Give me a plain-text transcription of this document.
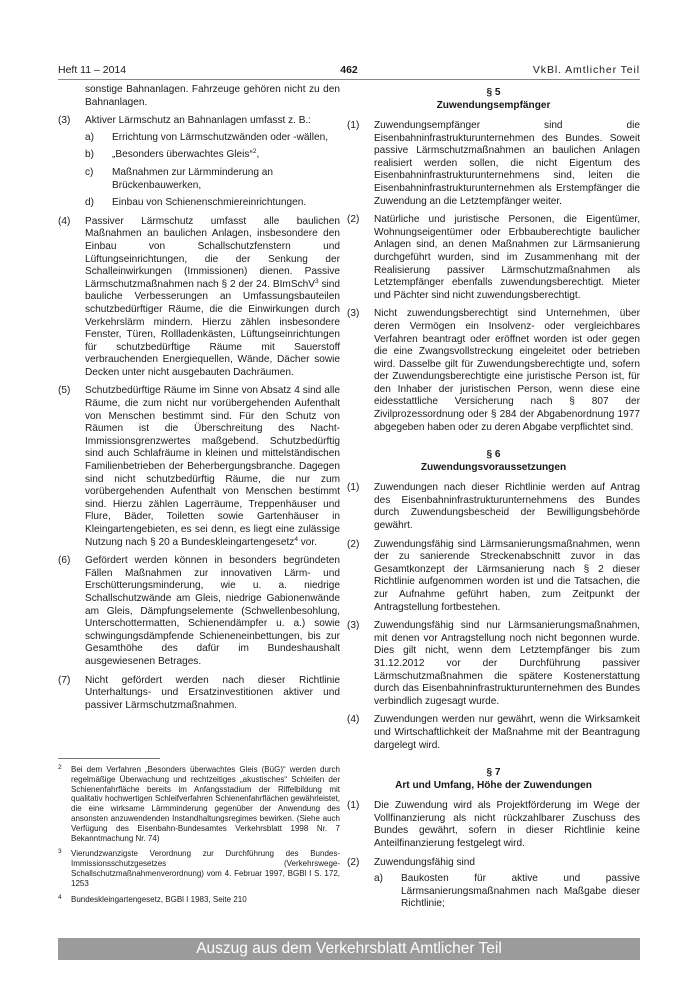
Heft 11 – 2014	462	VkBl. Amtlicher Teil

sonstige Bahnanlagen. Fahrzeuge gehören nicht zu den Bahnanlagen.

(3) Aktiver Lärmschutz an Bahnanlagen umfasst z. B.:
a) Errichtung von Lärmschutzwänden oder -wällen,
b) „Besonders überwachtes Gleis“$^2$,
c) Maßnahmen zur Lärmminderung an Brückenbauwerken,
d) Einbau von Schienenschmiereinrichtungen.
(4) Passiver Lärmschutz umfasst alle baulichen Maßnahmen an baulichen Anlagen, insbesondere den Einbau von Schallschutzfenstern und Lüftungseinrichtungen, die der Senkung der Schalleinwirkungen (Immissionen) dienen. Passive Lärmschutzmaßnahmen nach § 2 der 24. BImSchV$^3$ sind bauliche Verbesserungen an Umfassungsbauteilen schutzbedürftiger Räume, die die Einwirkungen durch Verkehrslärm mindern. Hierzu zählen insbesondere Fenster, Türen, Rollladenkästen, Lüftungseinrichtungen für schutzbedürftige Räume mit Sauerstoff verbrauchenden Energiequellen, Wände, Dächer sowie Decken unter nicht ausgebauten Dachräumen.
(5) Schutzbedürftige Räume im Sinne von Absatz 4 sind alle Räume, die zum nicht nur vorübergehenden Aufenthalt von Menschen bestimmt sind. Für den Schutz von Räumen ist die Überschreitung des Nacht-Immissionsgrenzwertes maßgebend. Schutzbedürftig sind auch Schlafräume in kleinen und mittelständischen Familienbetrieben der Beherbergungsbranche. Dagegen sind nicht schutzbedürftig Räume, die nur zum vorübergehenden Aufenthalt von Menschen bestimmt sind. Hierzu zählen Lagerräume, Treppenhäuser und Flure, Bäder, Toiletten sowie Gartenhäuser in Kleingartengebieten, es sei denn, es liegt eine zulässige Nutzung nach § 20 a Bundeskleingartengesetz$^4$ vor.
(6) Gefördert werden können in besonders begründeten Fällen Maßnahmen zur innovativen Lärm- und Erschütterungsminderung, wie u. a. niedrige Schallschutzwände am Gleis, niedrige Gabionenwände am Gleis, Dämpfungselemente (Schwellenbesohlung, Unterschottermatten, Schienendämpfer u. a.) sowie schwingungsdämpfende Schieneneinbettungen, bis zur Gesamthöhe des dafür im Bundeshaushalt ausgewiesenen Betrages.
(7) Nicht gefördert werden nach dieser Richtlinie Unterhaltungs- und Ersatzinvestitionen aktiver und passiver Lärmschutzmaßnahmen.
2 Bei dem Verfahren „Besonders überwachtes Gleis (BüG)“ werden durch regelmäßige Überwachung und rechtzeitiges „akustisches“ Schleifen der Schienenfahrfläche bereits im Anfangsstadium der Riffelbildung mit qualitativ hochwertigen Schleifverfahren Schienenfahrflächen gewährleistet, die eine wirksame Lärmminderung gegenüber der Anwendung des ansonsten anzuwendenden Instandhaltungsregimes bewirken. (Siehe auch Verfügung des Eisenbahn-Bundesamtes Verkehrsblatt 1998 Nr. 7 Bekanntmachung Nr. 74)
3 Vierundzwanzigste Verordnung zur Durchführung des Bundes-Immissionsschutzgesetzes (Verkehrswege- Schallschutzmaßnahmenverordnung) vom 4. Februar 1997, BGBl I S. 172, 1253
4 Bundeskleingartengesetz, BGBl I 1983, Seite 210
§ 5
Zuwendungsempfänger
(1) Zuwendungsempfänger sind die Eisenbahninfrastrukturunternehmen des Bundes. Soweit passive Lärmschutzmaßnahmen an baulichen Anlagen realisiert werden sollen, die nicht Eigentum des Eisenbahninfrastrukturunternehmens sind, leiten die Eisenbahninfrastrukturunternehmen als Erstempfänger die Zuwendung an die Letztempfänger weiter.
(2) Natürliche und juristische Personen, die Eigentümer, Wohnungseigentümer oder Erbbauberechtigte baulicher Anlagen sind, an denen Maßnahmen zur Lärmsanierung durchgeführt wurden, sind im Zusammenhang mit der Realisierung passiver Lärmschutzmaßnahmen als Letztempfänger ebenfalls zuwendungsberechtigt. Mieter und Pächter sind nicht zuwendungsberechtigt.
(3) Nicht zuwendungsberechtigt sind Unternehmen, über deren Vermögen ein Insolvenz- oder vergleichbares Verfahren beantragt oder eröffnet worden ist oder gegen die eine Zwangsvollstreckung eingeleitet oder betrieben wird. Dasselbe gilt für Zuwendungsberechtigte und, sofern der Zuwendungsberechtigte eine juristische Person ist, für den Inhaber der juristischen Person, wenn diese eine eidesstattliche Versicherung nach § 807 der Zivilprozessordnung oder § 284 der Abgabenordnung 1977 abgegeben haben oder zu deren Abgabe verpflichtet sind.
§ 6
Zuwendungsvoraussetzungen
(1) Zuwendungen nach dieser Richtlinie werden auf Antrag des Eisenbahninfrastrukturunternehmens des Bundes durch Zuwendungsbescheid der Bewilligungsbehörde gewährt.
(2) Zuwendungsfähig sind Lärmsanierungsmaßnahmen, wenn der zu sanierende Streckenabschnitt zuvor in das Gesamtkonzept der Lärmsanierung nach § 2 dieser Richtlinie aufgenommen worden ist und die Tatsachen, die zur Aufnahme geführt haben, zum Zeitpunkt der Antragstellung fortbestehen.
(3) Zuwendungsfähig sind nur Lärmsanierungsmaßnahmen, mit denen vor Antragstellung noch nicht begonnen wurde. Dies gilt nicht, wenn dem Letztempfänger bis zum 31.12.2012 vor der Durchführung passiver Lärmschutzmaßnahmen die spätere Kostenerstattung durch das Eisenbahninfrastrukturunternehmen des Bundes verbindlich zugesagt wurde.
(4) Zuwendungen werden nur gewährt, wenn die Wirksamkeit und Wirtschaftlichkeit der Maßnahme mit der Beantragung dargelegt wird.
§ 7
Art und Umfang, Höhe der Zuwendungen
(1) Die Zuwendung wird als Projektförderung im Wege der Vollfinanzierung als nicht rückzahlbarer Zuschuss des Bundes gewährt, sofern in dieser Richtlinie keine Anteilfinanzierung festgelegt wird.
(2) Zuwendungsfähig sind
a) Baukosten für aktive und passive Lärmsanierungsmaßnahmen nach Maßgabe dieser Richtlinie;
Auszug aus dem Verkehrsblatt Amtlicher Teil
